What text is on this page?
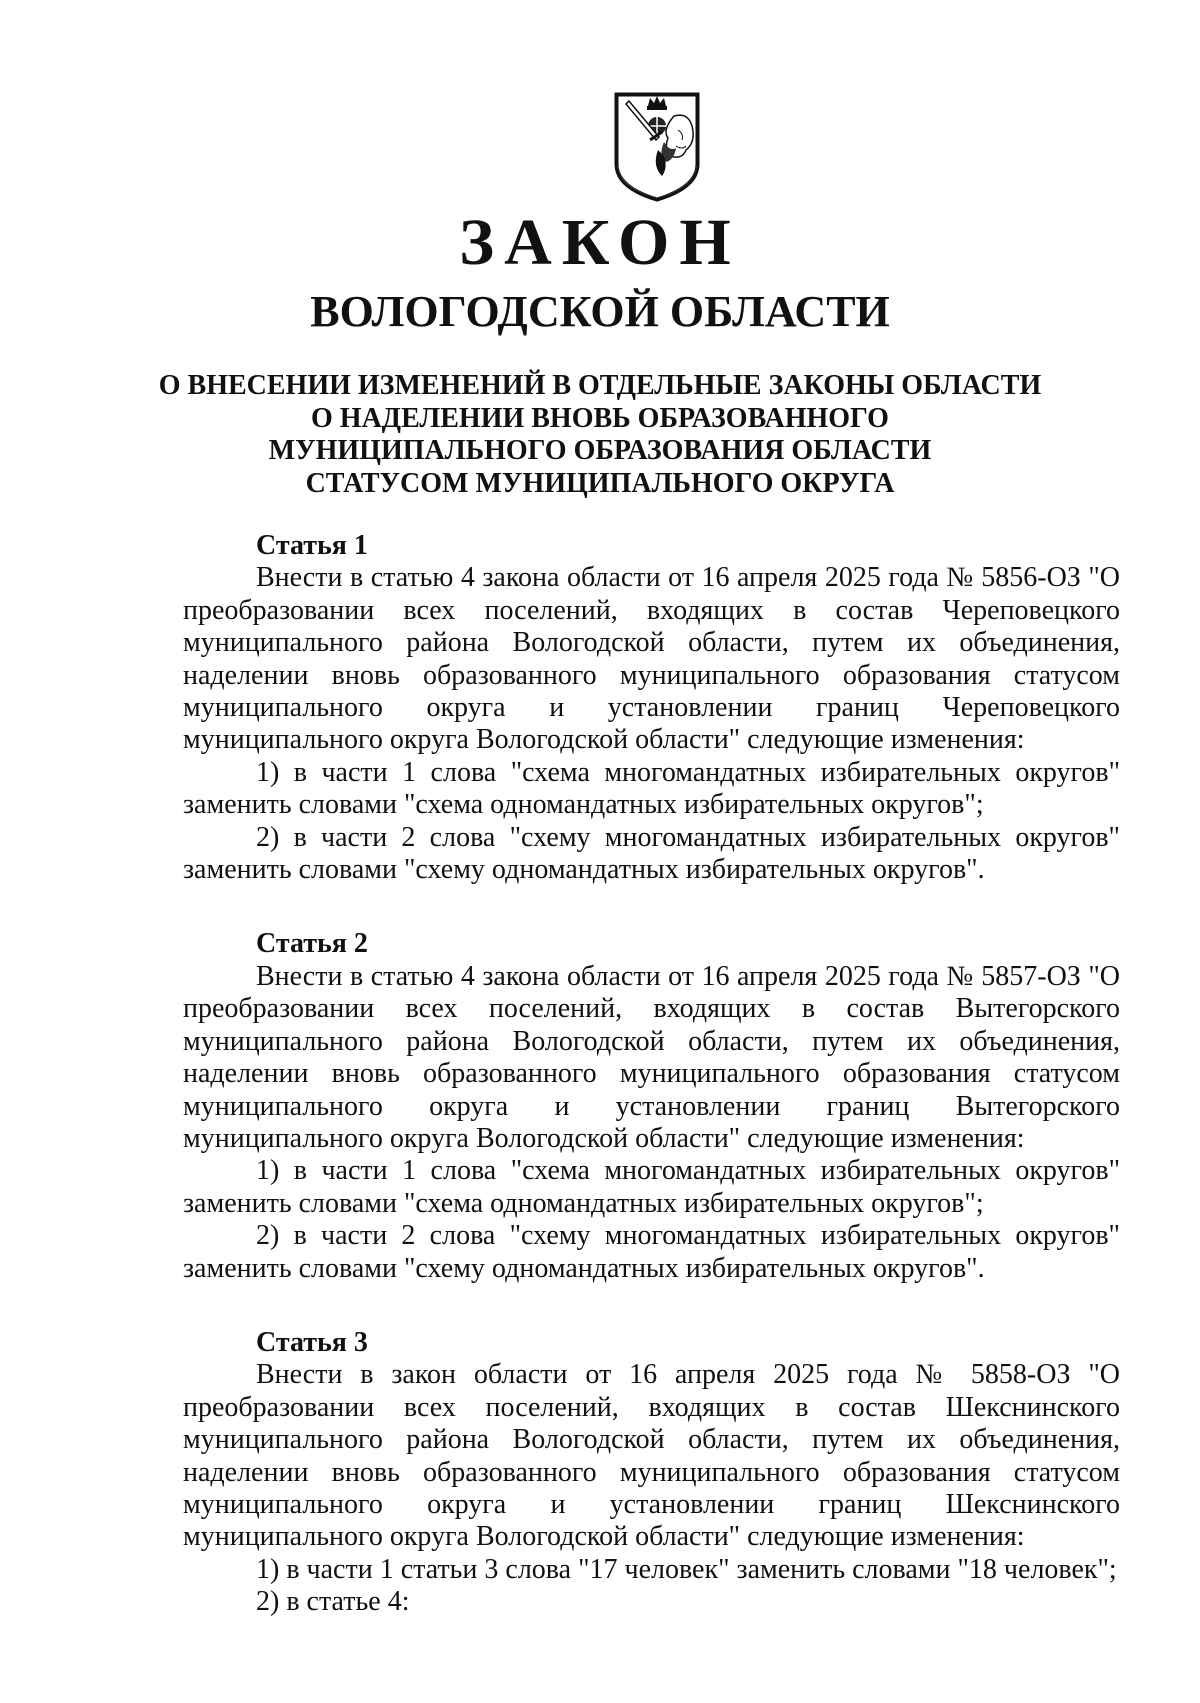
ЗАКОН
ВОЛОГОДСКОЙ ОБЛАСТИ
О ВНЕСЕНИИ ИЗМЕНЕНИЙ В ОТДЕЛЬНЫЕ ЗАКОНЫ ОБЛАСТИ
О НАДЕЛЕНИИ ВНОВЬ ОБРАЗОВАННОГО
МУНИЦИПАЛЬНОГО ОБРАЗОВАНИЯ ОБЛАСТИ
СТАТУСОМ МУНИЦИПАЛЬНОГО ОКРУГА

Статья 1

Внести в статью 4 закона области от 16 апреля 2025 года № 5856-ОЗ "О преобразовании всех поселений, входящих в состав Череповецкого муниципального района Вологодской области, путем их объединения, наделении вновь образованного муниципального образования статусом муниципального округа и установлении границ Череповецкого муниципального округа Вологодской области" следующие изменения:

1) в части 1 слова "схема многомандатных избирательных округов" заменить словами "схема одномандатных избирательных округов";

2) в части 2 слова "схему многомандатных избирательных округов" заменить словами "схему одномандатных избирательных округов".

Статья 2

Внести в статью 4 закона области от 16 апреля 2025 года № 5857-ОЗ "О преобразовании всех поселений, входящих в состав Вытегорского муниципального района Вологодской области, путем их объединения, наделении вновь образованного муниципального образования статусом муниципального округа и установлении границ Вытегорского муниципального округа Вологодской области" следующие изменения:

1) в части 1 слова "схема многомандатных избирательных округов" заменить словами "схема одномандатных избирательных округов";

2) в части 2 слова "схему многомандатных избирательных округов" заменить словами "схему одномандатных избирательных округов".

Статья 3

Внести в закон области от 16 апреля 2025 года № 5858-ОЗ "О преобразовании всех поселений, входящих в состав Шекснинского муниципального района Вологодской области, путем их объединения, наделении вновь образованного муниципального образования статусом муниципального округа и установлении границ Шекснинского муниципального округа Вологодской области" следующие изменения:

1) в части 1 статьи 3 слова "17 человек" заменить словами "18 человек";

2) в статье 4:
